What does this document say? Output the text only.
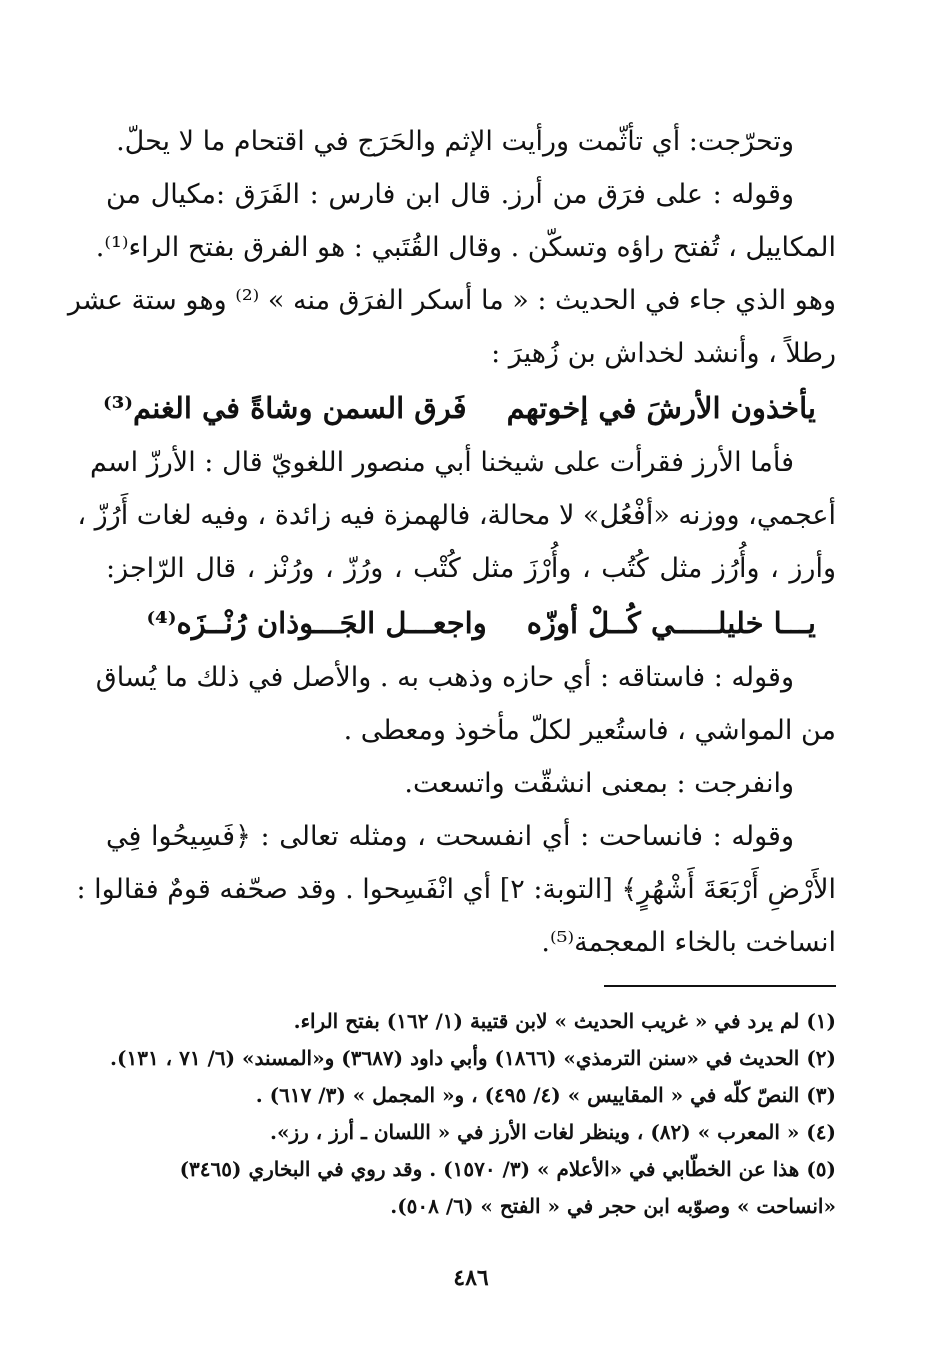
وتحرّجت: أي تأثّمت ورأيت الإثم والحَرَج في اقتحام ما لا يحلّ.
وقوله : على فرَق من أرز. قال ابن فارس : الفَرَق :مكيال من
المكاييل ، تُفتح راؤه وتسكّن . وقال القُتَبي : هو الفرق بفتح الراء⁽¹⁾.
وهو الذي جاء في الحديث : « ما أسكر الفرَق منه » ⁽²⁾ وهو ستة عشر
رطلاً ، وأنشد لخداش بن زُهيرَ :
يأخذون الأرشَ في إخوتهم
فَرق السمن وشاةً في الغنم⁽³⁾
فأما الأرز فقرأت على شيخنا أبي منصور اللغويّ قال : الأرزّ اسم
أعجمي، ووزنه «أفْعُل» لا محالة، فالهمزة فيه زائدة ، وفيه لغات أَرُزّ ،
وأرز ، وأُرُز مثل كُتُب ، وأُرْزَ مثل كُتْب ، ورُزّ ، ورُنْز ، قال الرّاجز:
يـــا خليلـــــي كُــلْ أوزّه
واجعـــل الجَـــوذان رُنْــزَه⁽⁴⁾
وقوله : فاستاقه : أي حازه وذهب به . والأصل في ذلك ما يُساق
من المواشي ، فاستُعير لكلّ مأخوذ ومعطى .
وانفرجت : بمعنى انشقّت واتسعت.
وقوله : فانساحت : أي انفسحت ، ومثله تعالى : ﴿فَسِيحُوا فِي
الأَرْضِ أَرْبَعَةَ أَشْهُرٍ﴾ [التوبة: ٢] أي انْفَسِحوا . وقد صحّفه قومٌ فقالوا :
انساخت بالخاء المعجمة⁽⁵⁾.
(١) لم يرد في « غريب الحديث » لابن قتيبة (١/ ١٦٢) بفتح الراء.
(٢) الحديث في «سنن الترمذي» (١٨٦٦) وأبي داود (٣٦٨٧) و«المسند» (٦/ ٧١ ، ١٣١).
(٣) النصّ كلّه في « المقاييس » (٤/ ٤٩٥) ، و« المجمل » (٣/ ٦١٧) .
(٤) « المعرب » (٨٢) ، وينظر لغات الأرز في « اللسان ـ أرز ، رز».
(٥) هذا عن الخطّابي في «الأعلام » (٣/ ١٥٧٠) . وقد روي في البخاري (٣٤٦٥)
«انساحت » وصوّبه ابن حجر في « الفتح » (٦/ ٥٠٨).
٤٨٦
